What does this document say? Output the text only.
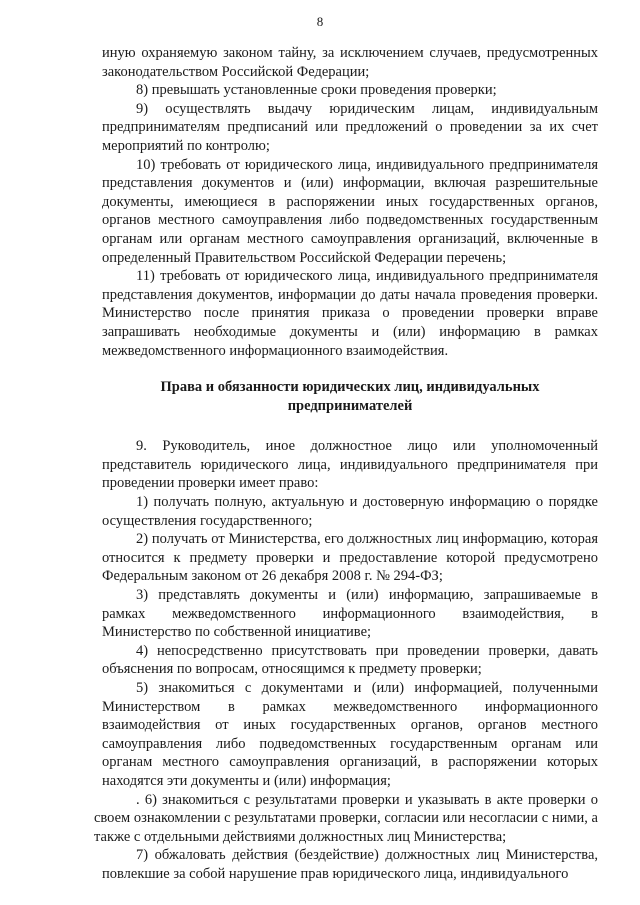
8

иную охраняемую законом тайну, за исключением случаев, предусмотренных законодательством Российской Федерации;

8) превышать установленные сроки проведения проверки;

9) осуществлять выдачу юридическим лицам, индивидуальным предпринимателям предписаний или предложений о проведении за их счет мероприятий по контролю;

10) требовать от юридического лица, индивидуального предпринимателя представления документов и (или) информации, включая разрешительные документы, имеющиеся в распоряжении иных государственных органов, органов местного самоуправления либо подведомственных государственным органам или органам местного самоуправления организаций, включенные в определенный Правительством Российской Федерации перечень;

11) требовать от юридического лица, индивидуального предпринимателя представления документов, информации до даты начала проведения проверки. Министерство после принятия приказа о проведении проверки вправе запрашивать необходимые документы и (или) информацию в рамках межведомственного информационного взаимодействия.

Права и обязанности юридических лиц, индивидуальных предпринимателей

9. Руководитель, иное должностное лицо или уполномоченный представитель юридического лица, индивидуального предпринимателя при проведении проверки имеет право:

1) получать полную, актуальную и достоверную информацию о порядке осуществления государственного;

2) получать от Министерства, его должностных лиц информацию, которая относится к предмету проверки и предоставление которой предусмотрено Федеральным законом от 26 декабря 2008 г. № 294-ФЗ;

3) представлять документы и (или) информацию, запрашиваемые в рамках межведомственного информационного взаимодействия, в Министерство по собственной инициативе;

4) непосредственно присутствовать при проведении проверки, давать объяснения по вопросам, относящимся к предмету проверки;

5) знакомиться с документами и (или) информацией, полученными Министерством в рамках межведомственного информационного взаимодействия от иных государственных органов, органов местного самоуправления либо подведомственных государственным органам или органам местного самоуправления организаций, в распоряжении которых находятся эти документы и (или) информация;

. 6) знакомиться с результатами проверки и указывать в акте проверки о своем ознакомлении с результатами проверки, согласии или несогласии с ними, а также с отдельными действиями должностных лиц Министерства;

7) обжаловать действия (бездействие) должностных лиц Министерства, повлекшие за собой нарушение прав юридического лица, индивидуального
